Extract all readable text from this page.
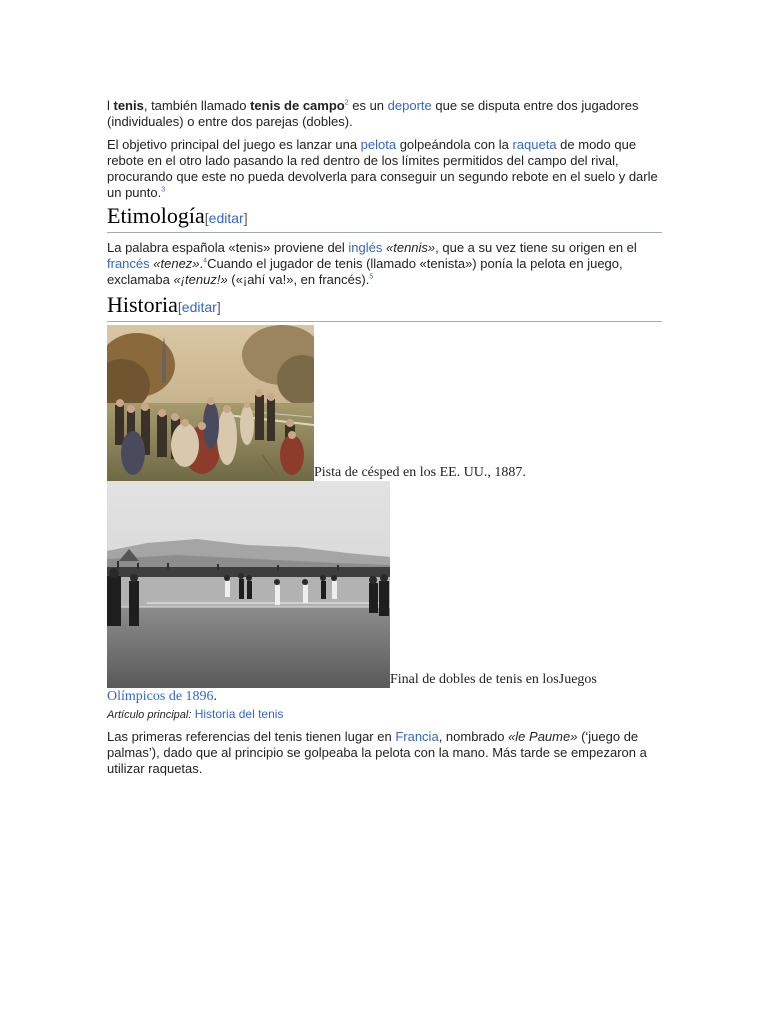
l tenis, también llamado tenis de campo$^2$ es un deporte que se disputa entre dos jugadores (individuales) o entre dos parejas (dobles).

El objetivo principal del juego es lanzar una pelota golpeándola con la raqueta de modo que rebote en el otro lado pasando la red dentro de los límites permitidos del campo del rival, procurando que este no pueda devolverla para conseguir un segundo rebote en el suelo y darle un punto.$^3$

Etimología[editar]

La palabra española «tenis» proviene del inglés «tennis», que a su vez tiene su origen en el francés «tenez».$^4$Cuando el jugador de tenis (llamado «tenista») ponía la pelota en juego, exclamaba «¡tenuz!» («¡ahí va!», en francés).$^5$

Historia[editar]
Pista de césped en los EE. UU., 1887.
Final de dobles de tenis en los Juegos
Olímpicos de 1896.
Artículo principal: Historia del tenis

Las primeras referencias del tenis tienen lugar en Francia, nombrado «le Paume» (‘juego de palmas’), dado que al principio se golpeaba la pelota con la mano. Más tarde se empezaron a utilizar raquetas.
